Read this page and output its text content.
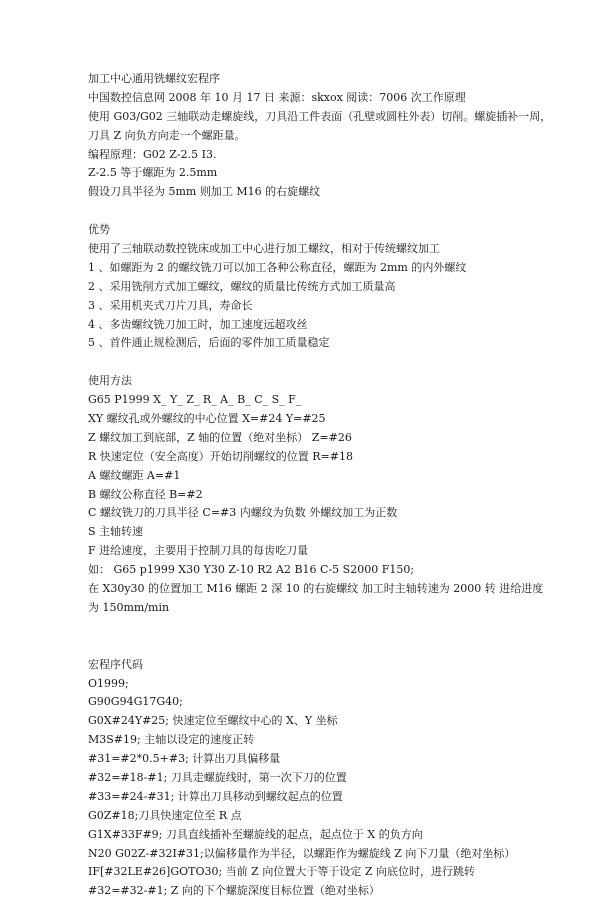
加工中心通用铣螺纹宏程序
中国数控信息网 2008 年 10 月 17 日 来源：skxox 阅读：7006 次工作原理
使用 G03/G02 三轴联动走螺旋线，刀具沿工件表面（孔壁或圆柱外表）切削。螺旋插补一周，
刀具 Z 向负方向走一个螺距量。
编程原理：G02 Z-2.5 I3.
Z-2.5 等于螺距为 2.5mm
假设刀具半径为 5mm 则加工 M16 的右旋螺纹
优势
使用了三轴联动数控铣床或加工中心进行加工螺纹，相对于传统螺纹加工
1 、如螺距为 2 的螺纹铣刀可以加工各种公称直径，螺距为 2mm 的内外螺纹
2 、采用铣削方式加工螺纹，螺纹的质量比传统方式加工质量高
3 、采用机夹式刀片刀具，寿命长
4 、多齿螺纹铣刀加工时，加工速度远超攻丝
5 、首件通止规检测后，后面的零件加工质量稳定
使用方法
G65 P1999 X_ Y_ Z_ R_ A_ B_ C_ S_ F_
XY 螺纹孔或外螺纹的中心位置 X=#24 Y=#25
Z 螺纹加工到底部，Z 轴的位置（绝对坐标） Z=#26
R 快速定位（安全高度）开始切削螺纹的位置 R=#18
A 螺纹螺距 A=#1
B 螺纹公称直径 B=#2
C 螺纹铣刀的刀具半径 C=#3 内螺纹为负数 外螺纹加工为正数
S 主轴转速
F 进给速度，主要用于控制刀具的每齿吃刀量
如： G65 p1999 X30 Y30 Z-10 R2 A2 B16 C-5 S2000 F150;
在 X30y30 的位置加工 M16 螺距 2 深 10 的右旋螺纹 加工时主轴转速为 2000 转 进给进度
为 150mm/min
宏程序代码
O1999;
G90G94G17G40;
G0X#24Y#25; 快速定位至螺纹中心的 X、Y 坐标
M3S#19; 主轴以设定的速度正转
#31=#2*0.5+#3; 计算出刀具偏移量
#32=#18-#1; 刀具走螺旋线时，第一次下刀的位置
#33=#24-#31; 计算出刀具移动到螺纹起点的位置
G0Z#18;刀具快速定位至 R 点
G1X#33F#9; 刀具直线插补至螺旋线的起点，起点位于 X 的负方向
N20 G02Z-#32I#31;以偏移量作为半径，以螺距作为螺旋线 Z 向下刀量（绝对坐标）
IF[#32LE#26]GOTO30; 当前 Z 向位置大于等于设定 Z 向底位时，进行跳转
#32=#32-#1; Z 向的下个螺旋深度目标位置（绝对坐标）
